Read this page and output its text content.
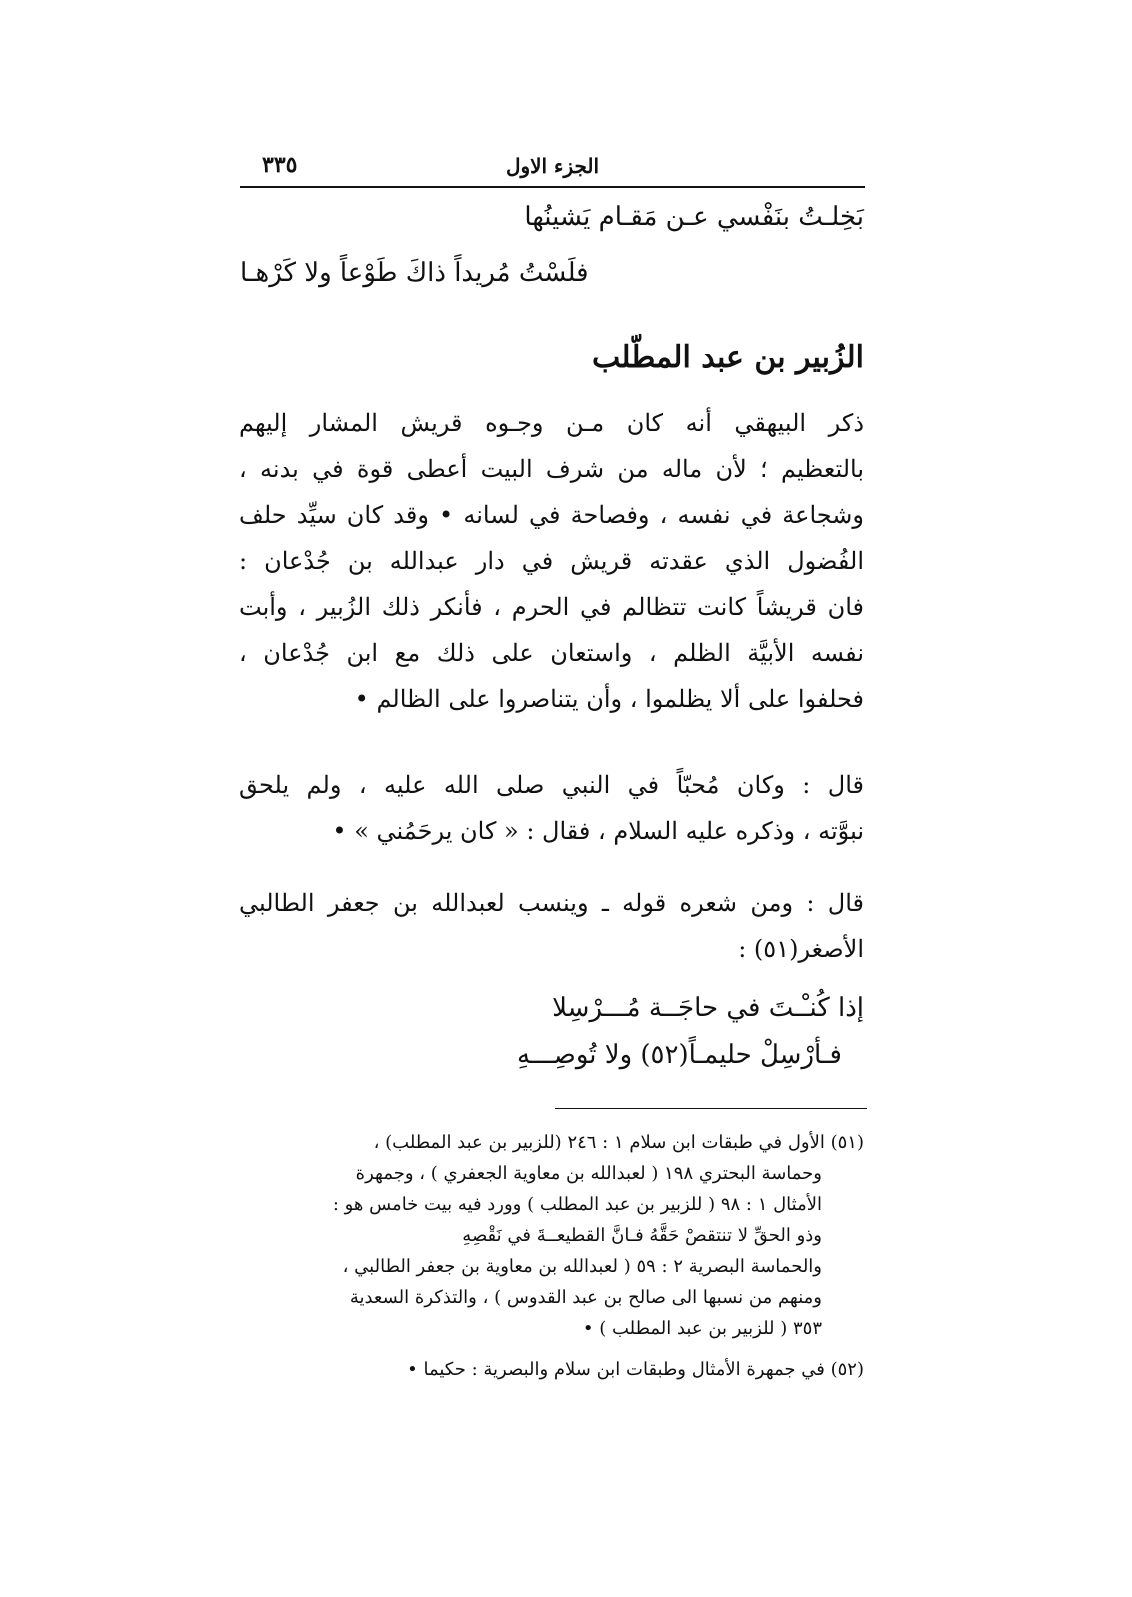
٣٣٥	الجزء الاول
بَخِلـتُ بنَفْسي عـن مَقـام يَشينُها
فلَسْتُ مُريداً ذاكَ طَوْعاً ولا كَرْهـا
الزُبير بن عبد المطّلب
ذكر البيهقي أنه كان مـن وجـوه قريش المشار إليهم
بالتعظيم ؛ لأن ماله من شرف البيت أعطى قوة في بدنه ،
وشجاعة في نفسه ، وفصاحة في لسانه • وقد كان سيِّد حلف
الفُضول الذي عقدته قريش في دار عبدالله بن جُدْعان :
فان قريشاً كانت تتظالم في الحرم ، فأنكر ذلك الزُبير ، وأبت
نفسه الأبيَّة الظلم ، واستعان على ذلك مع ابن جُدْعان ،
فحلفوا على ألا يظلموا ، وأن يتناصروا على الظالم •
قال : وكان مُحبّاً في النبي صلى الله عليه ، ولم يلحق
نبوَّته ، وذكره عليه السلام ، فقال : « كان يرحَمُني » •
قال : ومن شعره قوله ـ وينسب لعبدالله بن جعفر الطالبي
الأصغر(٥١) :
إذا كُنـْـتَ في حاجَــة مُـــرْسِلا
فـأرْسِلْ حليمـاً(٥٢) ولا تُوصِـــهِ
(٥١) الأول في طبقات ابن سلام ١ : ٢٤٦ (للزبير بن عبد المطلب) ،
وحماسة البحتري ١٩٨ ( لعبدالله بن معاوية الجعفري ) ، وجمهرة
الأمثال ١ : ٩٨ ( للزبير بن عبد المطلب ) وورد فيه بيت خامس هو :
وذو الحقِّ لا تنتقصْ حَقَّهُ فـانَّ القطيعــةَ في نَقْصِهِ
والحماسة البصرية ٢ : ٥٩ ( لعبدالله بن معاوية بن جعفر الطالبي ،
ومنهم من نسبها الى صالح بن عبد القدوس ) ، والتذكرة السعدية
٣٥٣ ( للزبير بن عبد المطلب ) •
(٥٢) في جمهرة الأمثال وطبقات ابن سلام والبصرية : حكيما •
